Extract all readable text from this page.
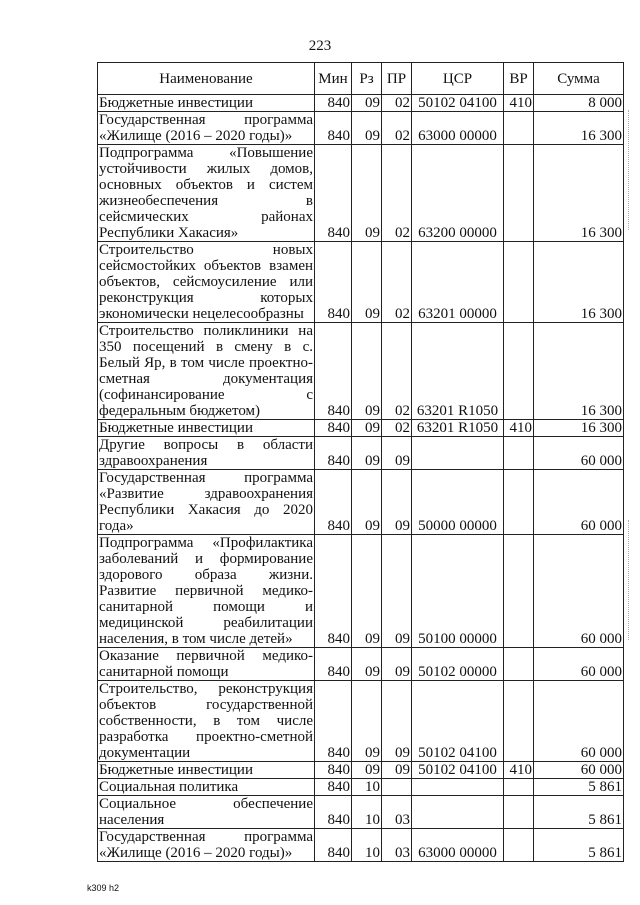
223
Наименование	Мин	Рз	ПР	ЦСР	ВР	Сумма
Бюджетные инвестиции	840	09	02	50102 04100	410	8 000
Государственная программа «Жилище (2016 – 2020 годы)»	840	09	02	63000 00000		16 300
Подпрограмма «Повышение устойчивости жилых домов, основных объектов и систем жизнеобеспечения в сейсмических районах Республики Хакасия»	840	09	02	63200 00000		16 300
Строительство новых сейсмостойких объектов взамен объектов, сейсмоусиление или реконструкция которых экономически нецелесообразны	840	09	02	63201 00000		16 300
Строительство поликлиники на 350 посещений в смену в с. Белый Яр, в том числе проектно-сметная документация (софинансирование с федеральным бюджетом)	840	09	02	63201 R1050		16 300
Бюджетные инвестиции	840	09	02	63201 R1050	410	16 300
Другие вопросы в области здравоохранения	840	09	09			60 000
Государственная программа «Развитие здравоохранения Республики Хакасия до 2020 года»	840	09	09	50000 00000		60 000
Подпрограмма «Профилактика заболеваний и формирование здорового образа жизни. Развитие первичной медико-санитарной помощи и медицинской реабилитации населения, в том числе детей»	840	09	09	50100 00000		60 000
Оказание первичной медико-санитарной помощи	840	09	09	50102 00000		60 000
Строительство, реконструкция объектов государственной собственности, в том числе разработка проектно-сметной документации	840	09	09	50102 04100		60 000
Бюджетные инвестиции	840	09	09	50102 04100	410	60 000
Социальная политика	840	10				5 861
Социальное обеспечение населения	840	10	03			5 861
Государственная программа «Жилище (2016 – 2020 годы)»	840	10	03	63000 00000		5 861
k309 h2
